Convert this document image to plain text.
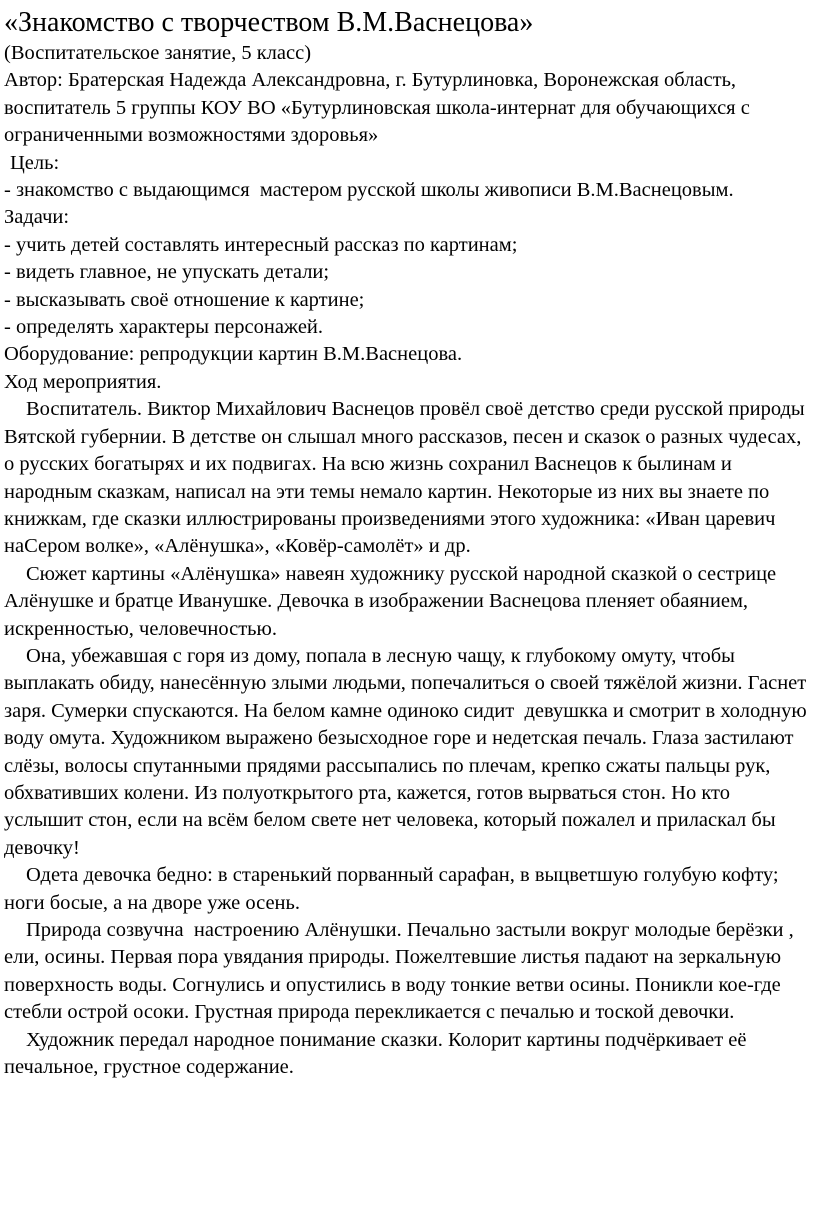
«Знакомство с творчеством В.М.Васнецова»

(Воспитательское занятие, 5 класс)

Автор: Братерская Надежда Александровна, г. Бутурлиновка, Воронежская область, воспитатель 5 группы КОУ ВО «Бутурлиновская школа-интернат для обучающихся с ограниченными возможностями здоровья»

Цель:

- знакомство с выдающимся  мастером русской школы живописи В.М.Васнецовым.

Задачи:

- учить детей составлять интересный рассказ по картинам;

- видеть главное, не упускать детали;

- высказывать своё отношение к картине;

- определять характеры персонажей.

Оборудование: репродукции картин В.М.Васнецова.

Ход мероприятия.

Воспитатель. Виктор Михайлович Васнецов провёл своё детство среди русской природы Вятской губернии. В детстве он слышал много рассказов, песен и сказок о разных чудесах, о русских богатырях и их подвигах. На всю жизнь сохранил Васнецов к былинам и народным сказкам, написал на эти темы немало картин. Некоторые из них вы знаете по книжкам, где сказки иллюстрированы произведениями этого художника: «Иван царевич наСером волке», «Алёнушка», «Ковёр-самолёт» и др.

Сюжет картины «Алёнушка» навеян художнику русской народной сказкой о сестрице Алёнушке и братце Иванушке. Девочка в изображении Васнецова пленяет обаянием, искренностью, человечностью.

Она, убежавшая с горя из дому, попала в лесную чащу, к глубокому омуту, чтобы выплакать обиду, нанесённую злыми людьми, попечалиться о своей тяжёлой жизни. Гаснет заря. Сумерки спускаются. На белом камне одиноко сидит  девушкка и смотрит в холодную воду омута. Художником выражено безысходное горе и недетская печаль. Глаза застилают слёзы, волосы спутанными прядями рассыпались по плечам, крепко сжаты пальцы рук, обхвативших колени. Из полуоткрытого рта, кажется, готов вырваться стон. Но кто услышит стон, если на всём белом свете нет человека, который пожалел и приласкал бы девочку!

Одета девочка бедно: в старенький порванный сарафан, в выцветшую голубую кофту; ноги босые, а на дворе уже осень.

Природа созвучна  настроению Алёнушки. Печально застыли вокруг молодые берёзки , ели, осины. Первая пора увядания природы. Пожелтевшие листья падают на зеркальную поверхность воды. Согнулись и опустились в воду тонкие ветви осины. Поникли кое-где стебли острой осоки. Грустная природа перекликается с печалью и тоской девочки.

Художник передал народное понимание сказки. Колорит картины подчёркивает её печальное, грустное содержание.
